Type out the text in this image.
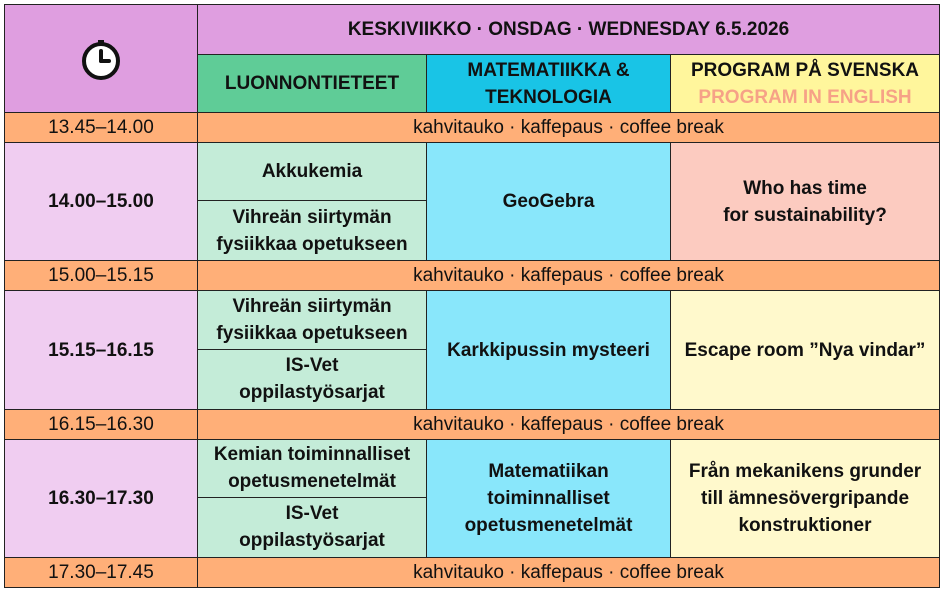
	KESKIVIIKKO · ONSDAG · WEDNESDAY 6.5.2026		
	LUONNONTIETEET	MATEMATIIKKA &
TEKNOLOGIA	PROGRAM PÅ SVENSKA
PROGRAM IN ENGLISH

13.45–14.00	kahvitauko · kaffepaus · coffee break		
14.00–15.00	Akkukemia	GeoGebra	Who has time
for sustainability?

	Vihreän siirtymän
fysiikkaa opetukseen		

15.00–15.15	kahvitauko · kaffepaus · coffee break		
15.15–16.15	Vihreän siirtymän
fysiikkaa opetukseen	Karkkipussin mysteeri	Escape room ”Nya vindar”

	IS-Vet
oppilastyösarjat		

16.15–16.30	kahvitauko · kaffepaus · coffee break		
16.30–17.30	Kemian toiminnalliset
opetusmenetelmät	Matematiikan
toiminnalliset
opetusmenetelmät	Från mekanikens grunder
till ämnesövergripande
konstruktioner

	IS-Vet
oppilastyösarjat		

17.30–17.45	kahvitauko · kaffepaus · coffee break		
